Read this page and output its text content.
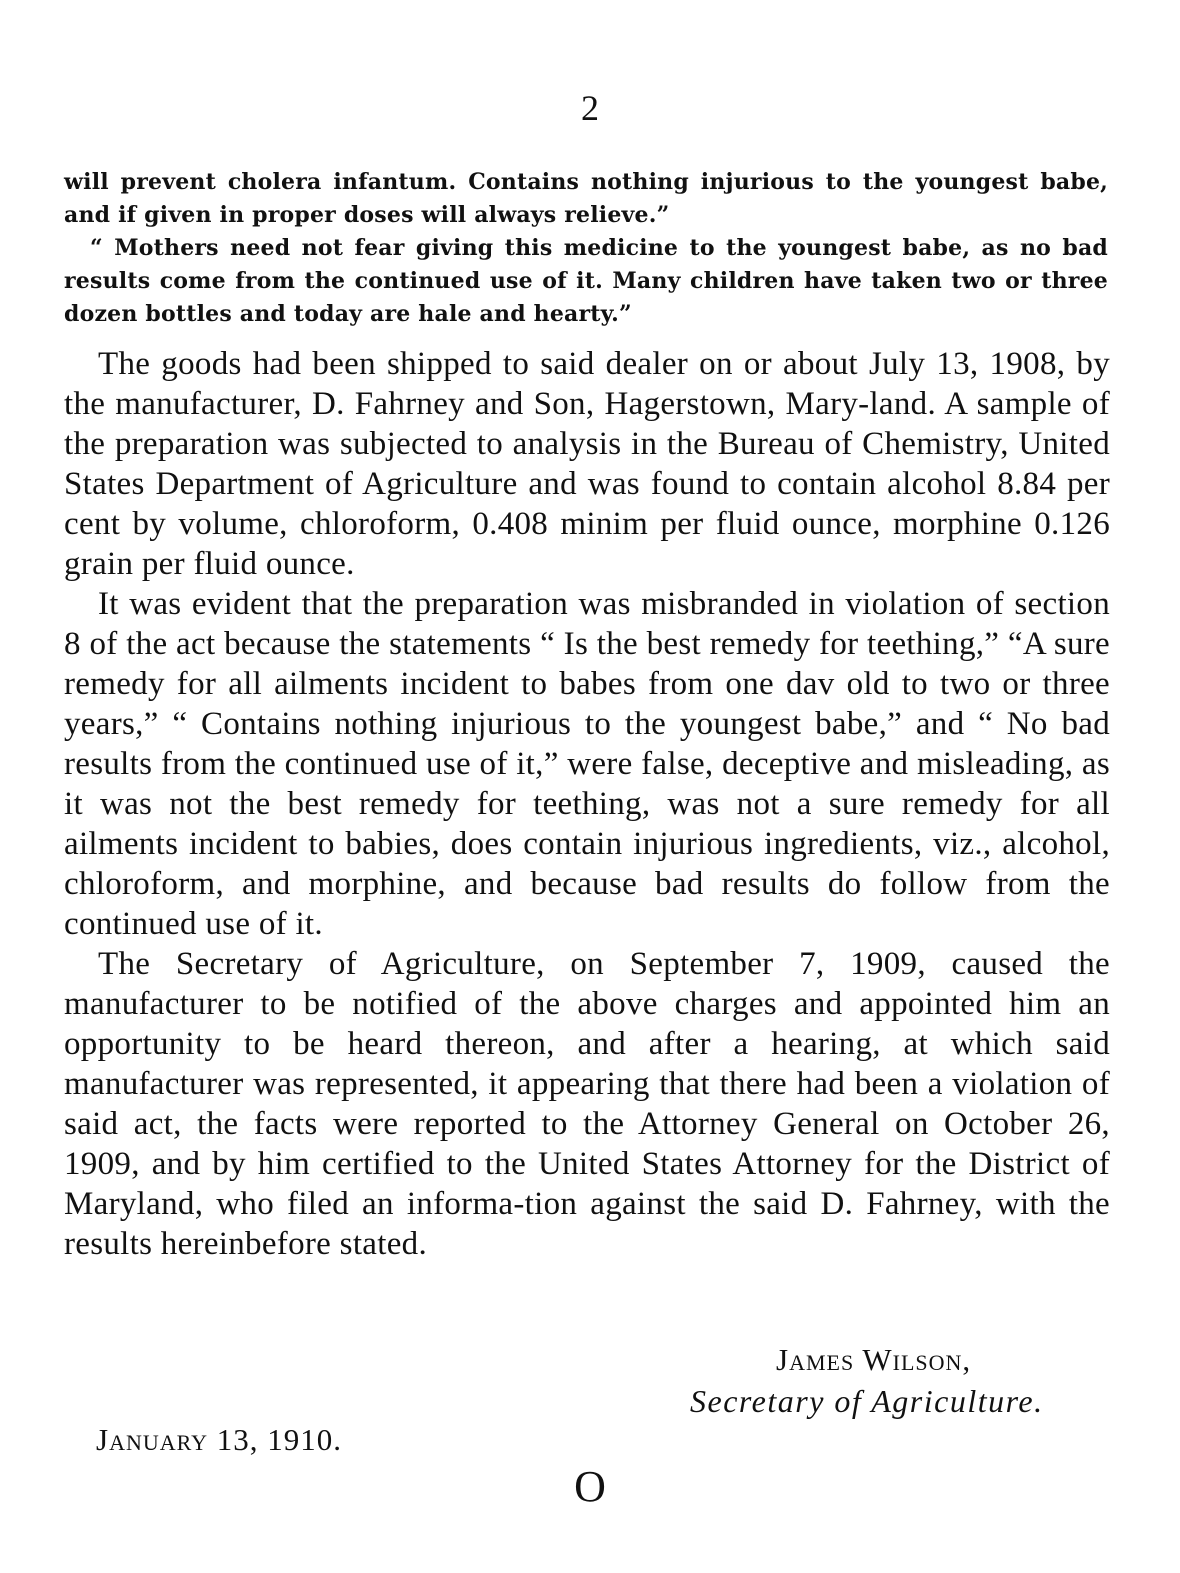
2

will prevent cholera infantum. Contains nothing injurious to the youngest babe, and if given in proper doses will always relieve.”

“ Mothers need not fear giving this medicine to the youngest babe, as no bad results come from the continued use of it. Many children have taken two or three dozen bottles and today are hale and hearty.”

The goods had been shipped to said dealer on or about July 13, 1908, by the manufacturer, D. Fahrney and Son, Hagerstown, Mary-land. A sample of the preparation was subjected to analysis in the Bureau of Chemistry, United States Department of Agriculture and was found to contain alcohol 8.84 per cent by volume, chloroform, 0.408 minim per fluid ounce, morphine 0.126 grain per fluid ounce.

It was evident that the preparation was misbranded in violation of section 8 of the act because the statements “ Is the best remedy for teething,” “A sure remedy for all ailments incident to babes from one dav old to two or three years,” “ Contains nothing injurious to the youngest babe,” and “ No bad results from the continued use of it,” were false, deceptive and misleading, as it was not the best remedy for teething, was not a sure remedy for all ailments incident to babies, does contain injurious ingredients, viz., alcohol, chloroform, and morphine, and because bad results do follow from the continued use of it.

The Secretary of Agriculture, on September 7, 1909, caused the manufacturer to be notified of the above charges and appointed him an opportunity to be heard thereon, and after a hearing, at which said manufacturer was represented, it appearing that there had been a violation of said act, the facts were reported to the Attorney General on October 26, 1909, and by him certified to the United States Attorney for the District of Maryland, who filed an informa-tion against the said D. Fahrney, with the results hereinbefore stated.

James Wilson,
Secretary of Agriculture.
January 13, 1910.
O
